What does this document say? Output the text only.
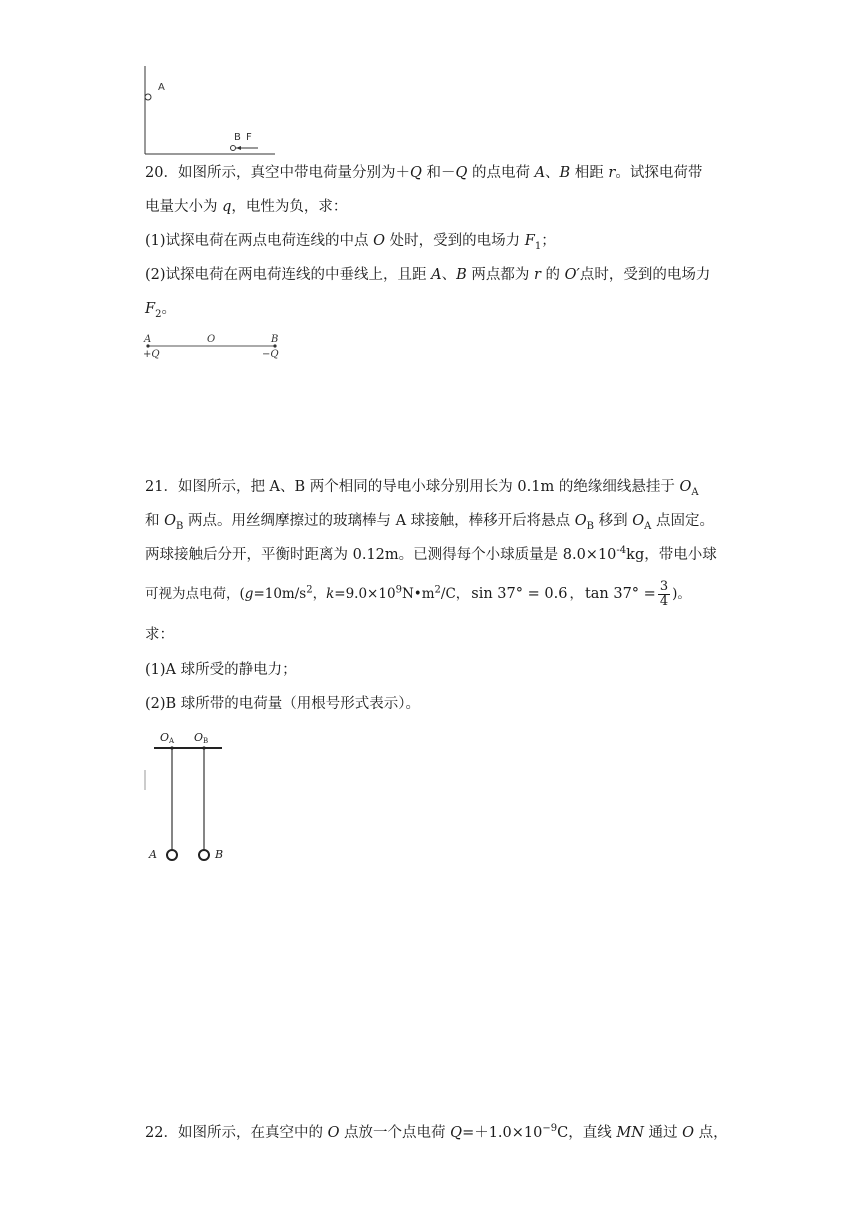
A
B F
20．如图所示，真空中带电荷量分别为＋Q 和－Q 的点电荷 A、B 相距 r。试探电荷带
电量大小为 q，电性为负，求：
(1)试探电荷在两点电荷连线的中点 O 处时，受到的电场力 $F_1$；
(2)试探电荷在两电荷连线的中垂线上，且距 A、B 两点都为 r 的 O′点时，受到的电场力
$F_2$。
A	O	B
+Q	−Q
21．如图所示，把 A、B 两个相同的导电小球分别用长为 0.1m 的绝缘细线悬挂于 $O_A$
和 $O_B$ 两点。用丝绸摩擦过的玻璃棒与 A 球接触，棒移开后将悬点 $O_B$ 移到 $O_A$ 点固定。
两球接触后分开，平衡时距离为 0.12m。已测得每个小球质量是 $8.0\times 10^{-4}kg$，带电小球
可视为点电荷，($g=10m/s^2$，$k=9.0\times 10^9N•m^2/C$， sin 37° = 0.6 ， $\tan 37^\circ = \frac{3}{4}$ )。
求：
(1)A 球所受的静电力；
(2)B 球所带的电荷量（用根号形式表示）。
O A O B
A	B
22．如图所示，在真空中的 O 点放一个点电荷 $Q=+1.0\times 10^{-9}C$，直线 MN 通过 O 点，
